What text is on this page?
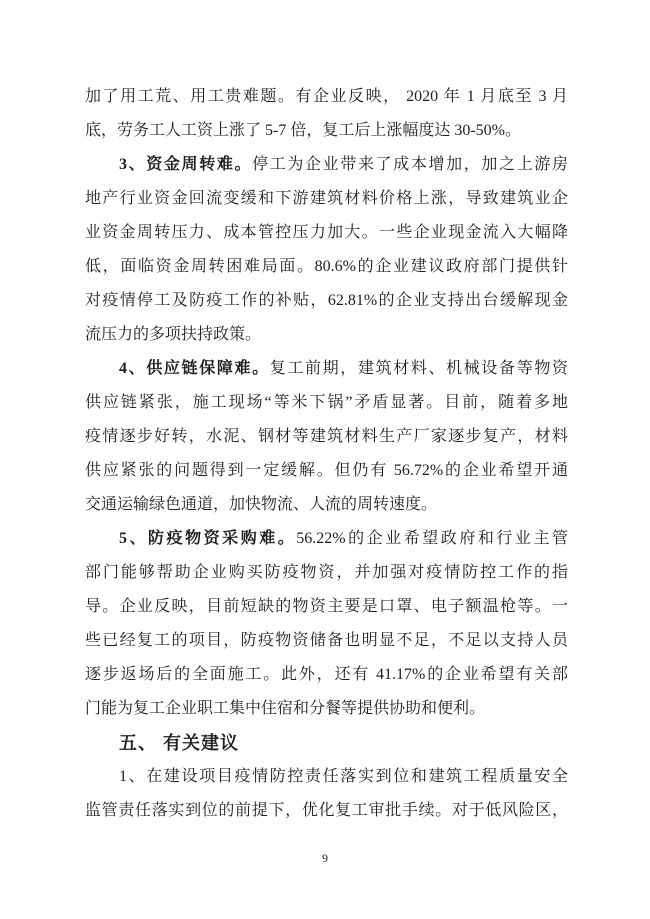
加了用工荒、用工贵难题。有企业反映， 2020 年 1 月底至 3 月
底，劳务工人工资上涨了 5-7 倍，复工后上涨幅度达 30-50%。
3、资金周转难。停工为企业带来了成本增加，加之上游房
地产行业资金回流变缓和下游建筑材料价格上涨，导致建筑业企
业资金周转压力、成本管控压力加大。一些企业现金流入大幅降
低，面临资金周转困难局面。80.6%的企业建议政府部门提供针
对疫情停工及防疫工作的补贴，62.81%的企业支持出台缓解现金
流压力的多项扶持政策。
4、供应链保障难。复工前期，建筑材料、机械设备等物资
供应链紧张，施工现场“等米下锅”矛盾显著。目前，随着多地
疫情逐步好转，水泥、钢材等建筑材料生产厂家逐步复产，材料
供应紧张的问题得到一定缓解。但仍有 56.72%的企业希望开通
交通运输绿色通道，加快物流、人流的周转速度。
5、防疫物资采购难。56.22%的企业希望政府和行业主管
部门能够帮助企业购买防疫物资，并加强对疫情防控工作的指
导。企业反映，目前短缺的物资主要是口罩、电子额温枪等。一
些已经复工的项目，防疫物资储备也明显不足，不足以支持人员
逐步返场后的全面施工。此外，还有 41.17%的企业希望有关部
门能为复工企业职工集中住宿和分餐等提供协助和便利。
五、 有关建议
1、在建设项目疫情防控责任落实到位和建筑工程质量安全
监管责任落实到位的前提下，优化复工审批手续。对于低风险区，
9
